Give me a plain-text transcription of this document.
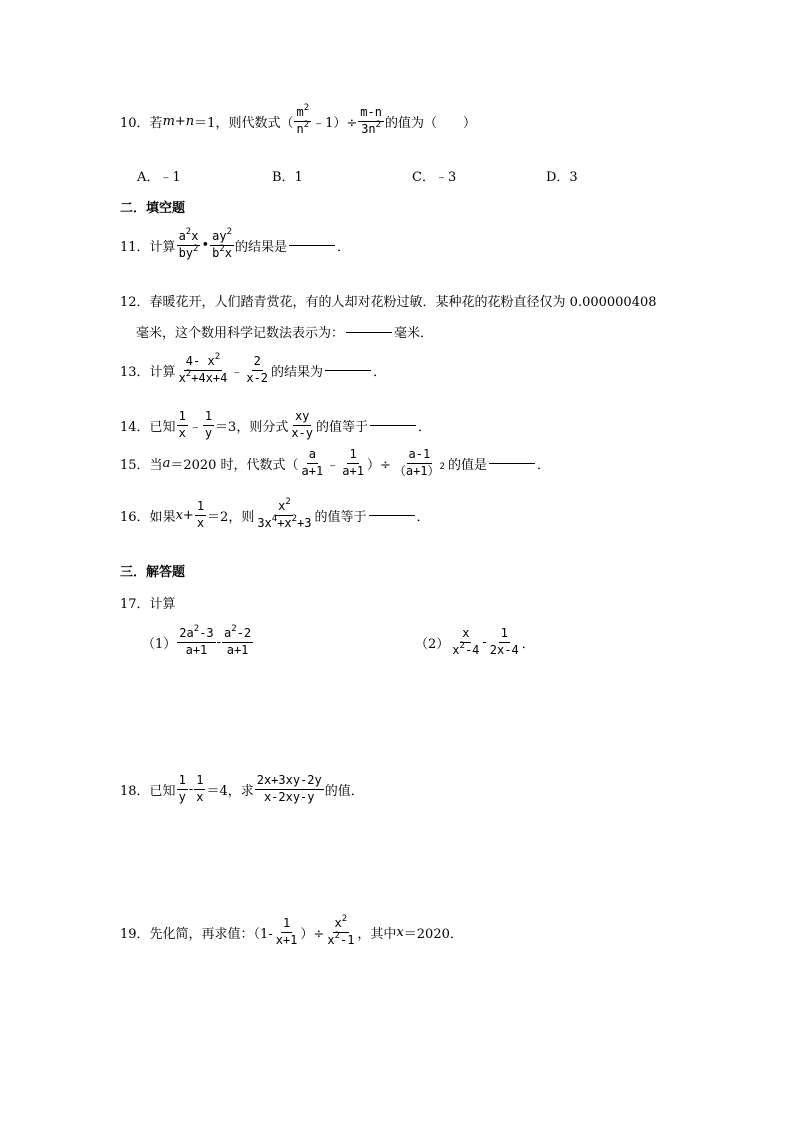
10． 若 m + n ＝1，则代数式（ $\frac{m^2}{n^2}$ ﹣1）÷ $\frac{m-n}{3n^2}$ 的值为（　　）
A．﹣1	B．1	C．﹣3	D．3
二．填空题
11． 计算 $\frac{a^2x}{by^2}$ • $\frac{ay^2}{b^2x}$ 的结果是	．
12．春暖花开，人们踏青赏花，有的人却对花粉过敏．某种花的花粉直径仅为 0.000000408
毫米，这个数用科学记数法表示为：	毫米．
13． 计算 $\frac{4- x^2}{x^2+4x+4}$ ﹣ $\frac{2}{x-2}$ 的结果为	．
14． 已知 $\frac{1}{x}$ ﹣ $\frac{1}{y} =3$，则分式 $\frac{xy}{x-y}$ 的值等于	．
15． 当 a ＝2020 时，代数式（ $\frac{a}{a+1}$ ﹣ $\frac{1}{a+1}$ ）÷ $\frac{a-1}{(a+1)^2}$ 的值是	．
16． 如果 $x + \frac{1}{x} =2$，则 $\frac{x^2}{3x^4+x^2+3}$ 的值等于	．
三．解答题
17．计算
$(1) \frac{2a^2-3}{a+1} - \frac{a^2-2}{a+1}$	$(2) \frac{x}{x^2-4} - \frac{1}{2x-4}$ ．
18． 已知 $\frac{1}{y} - \frac{1}{x} =4$，求 $\frac{2x+3xy-2y}{x-2xy-y}$ 的值．
19． 先化简，再求值：（$1- \frac{1}{x+1}$ ）÷ $\frac{x^2}{x^2-1}$ ，其中 x ＝2020．
